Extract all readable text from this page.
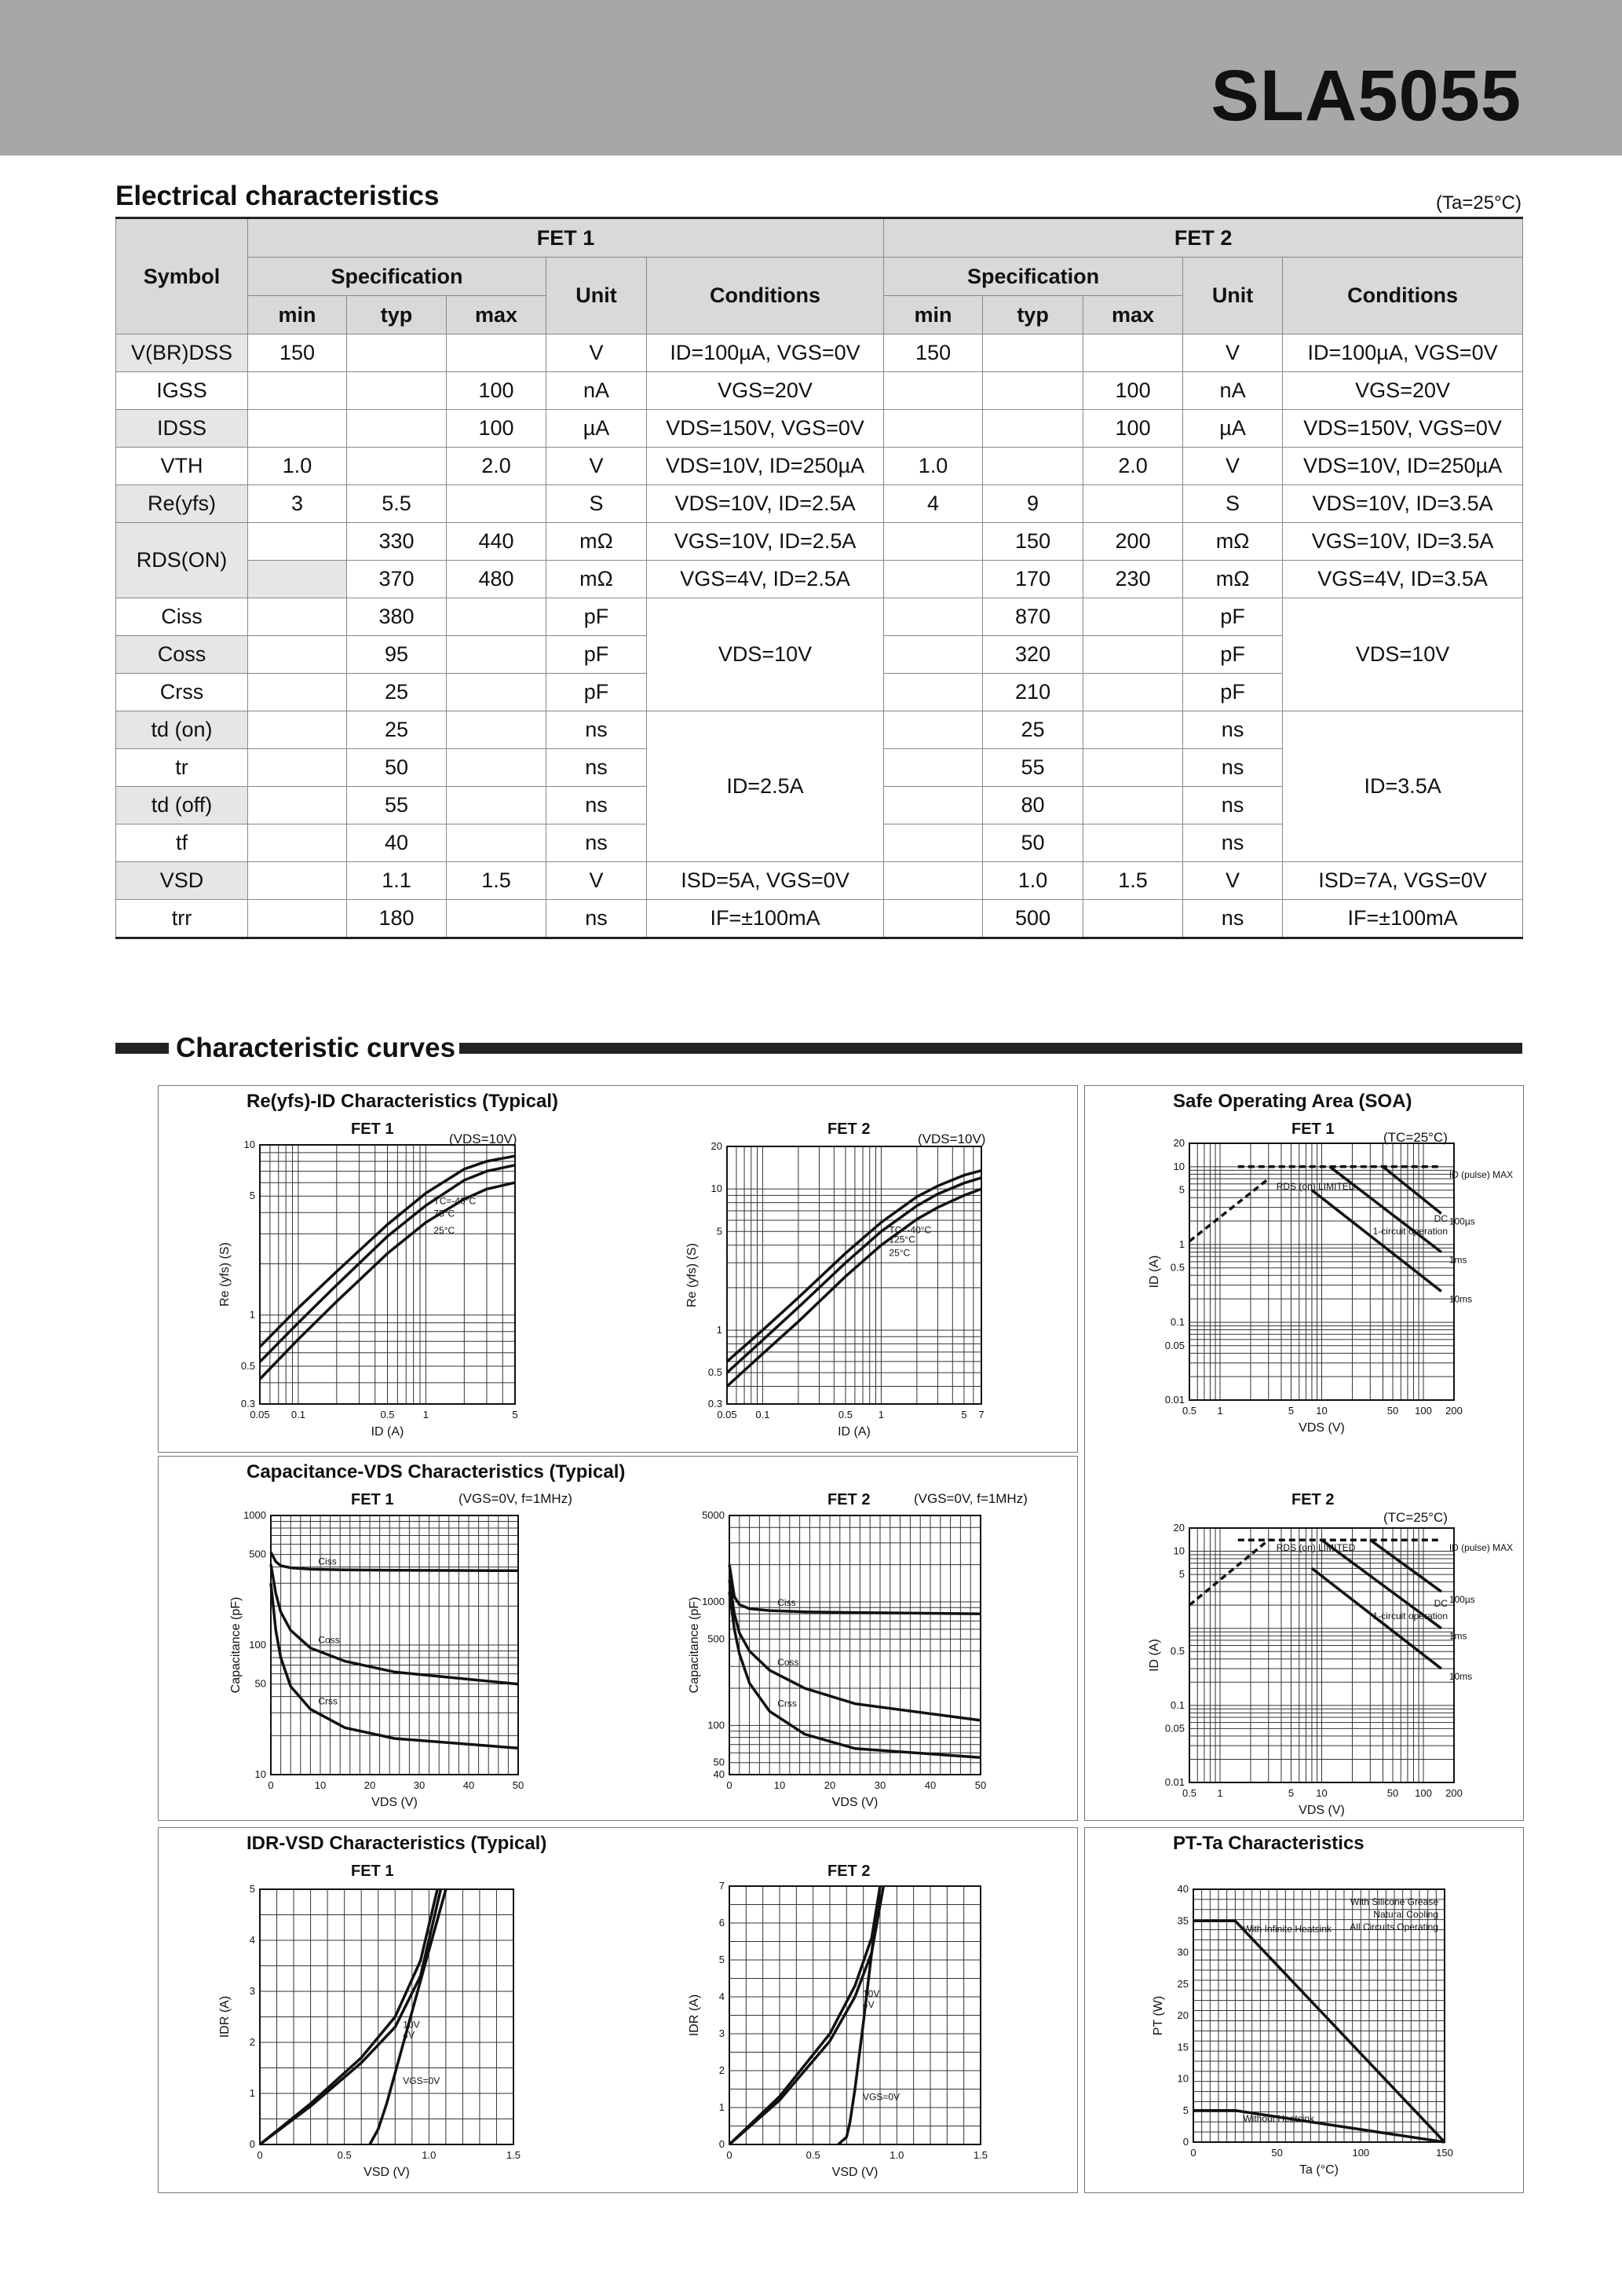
SLA5055
Electrical characteristics	(Ta=25°C)
Symbol	FET 1					FET 2				
	Specification			Unit	Conditions	Specification			Unit	Conditions
	min	typ	max			min	typ	max		
V(BR)DSS	150			V	ID=100µA, VGS=0V	150			V	ID=100µA, VGS=0V
IGSS			100	nA	VGS=20V			100	nA	VGS=20V
IDSS			100	µA	VDS=150V, VGS=0V			100	µA	VDS=150V, VGS=0V
VTH	1.0		2.0	V	VDS=10V, ID=250µA	1.0		2.0	V	VDS=10V, ID=250µA
Re(yfs)	3	5.5		S	VDS=10V, ID=2.5A	4	9		S	VDS=10V, ID=3.5A
RDS(ON)		330	440	mΩ	VGS=10V, ID=2.5A		150	200	mΩ	VGS=10V, ID=3.5A
		370	480	mΩ	VGS=4V, ID=2.5A		170	230	mΩ	VGS=4V, ID=3.5A
Ciss		380		pF	VDS=10V		870		pF	VDS=10V
Coss		95		pF			320		pF	
Crss		25		pF			210		pF	
td (on)		25		ns	ID=2.5A		25		ns	ID=3.5A
tr		50		ns			55		ns	
td (off)		55		ns			80		ns	
tf		40		ns			50		ns	
VSD		1.1	1.5	V	ISD=5A, VGS=0V		1.0	1.5	V	ISD=7A, VGS=0V
trr		180		ns	IF=±100mA		500		ns	IF=±100mA
Characteristic curves
Re(yfs)-ID Characteristics (Typical)
FET 1
(VDS=10V)
FET 2
(VDS=10V)
Capacitance-VDS Characteristics (Typical)
FET 1	(VGS=0V, f=1MHz)	FET 2	(VGS=0V, f=1MHz)
IDR-VSD Characteristics (Typical)
FET 1	FET 2
Safe Operating Area (SOA)
FET 1	(TC=25°C)
FET 2
(TC=25°C)
PT-Ta Characteristics
0.05 0.1	0.5	1	5
0.3
0.5
1
5
10
ID (A)
Re (yfs) (S)
TC=-40°C
75°C
25°C
0.05 0.1	0.5	1	5 7
0.3
0.5
1
5
10
20
ID (A)
Re (yfs) (S)
TC=-40°C
125°C
25°C
0	10	20	30	40	50
10
50
100
500
1000
VDS (V)
Capacitance (pF)
Ciss
Coss
Crss
0	10	20	30	40	50
40
50
100
500
1000
5000
VDS (V)
Capacitance (pF)	Ciss
Coss
Crss
0	0.5	1.0	1.5
0
1
2
3
4
5
VSD (V)
IDR (A)	10V
4V
VGS=0V
0	0.5	1.0	1.5
0
1
2
3
4
5
6
7
VSD (V)
IDR (A)
10V
4V
VGS=0V
0.5 1	5 10	50 100 200
0.01
0.05
0.1
0.5
1
5
10
20
VDS (V)
ID (A)
ID (pulse) MAX
RDS (on) LIMITED
100µs
1ms
10ms
DC
1-circuit operation
0.5 1	5 10	50 100 200
0.01
0.05
0.1
0.5
5
10
20
VDS (V)
ID (A)
ID (pulse) MAX
RDS (on) LIMITED
100µs
1ms
10ms
DC
1-circuit operation
0	50	100	150
0
5
10
15
20
25
30
35
40
Ta (°C)
PT (W)
With Infinite Heatsink
Without Heatsink
With Silicone Grease
Natural Cooling
All Circuits Operating
